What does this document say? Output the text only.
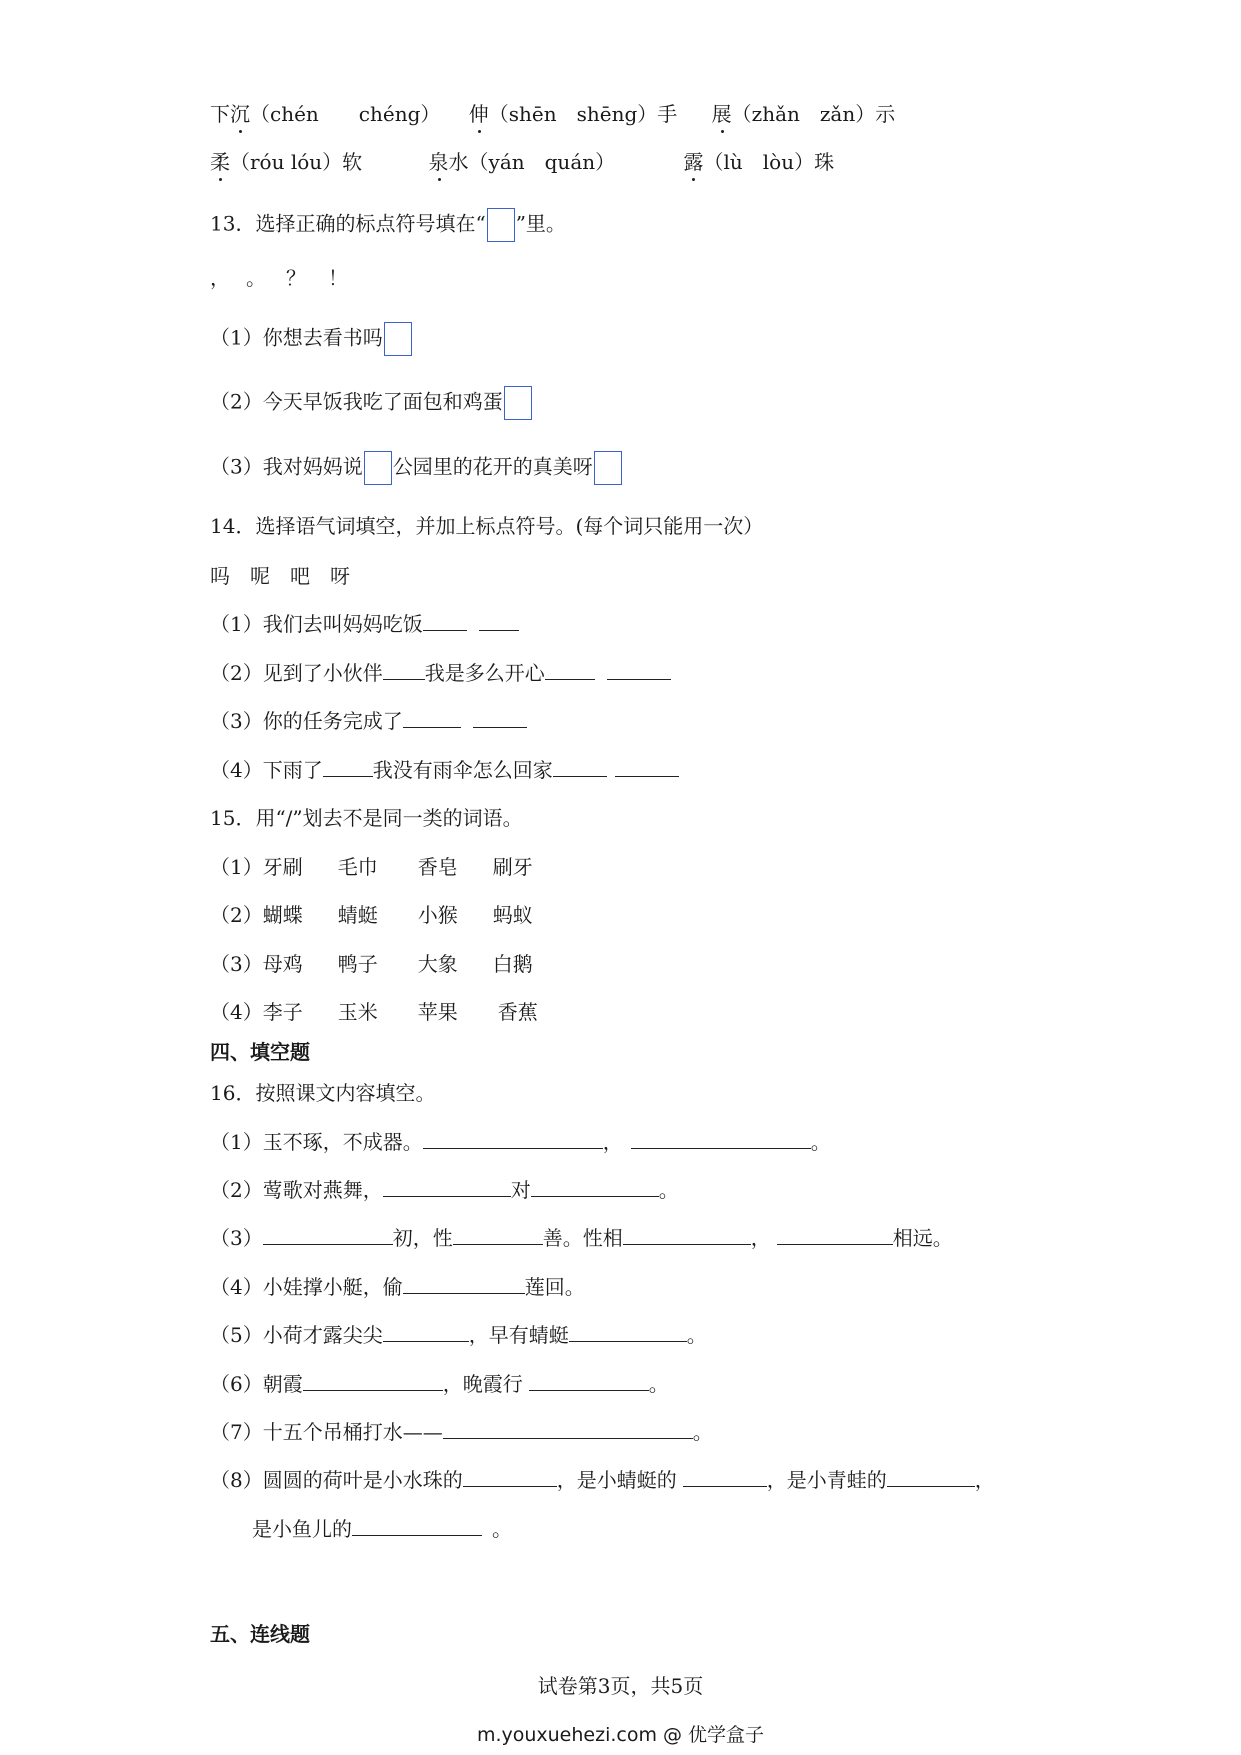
下沉（chén　　chéng） 伸（shēn　shēng）手 展（zhǎn　zǎn）示
柔（róu lóu）软	泉水（yán　quán）	露（lù　lòu）珠
13．选择正确的标点符号填在“ ”里。
， 。 ？ ！
（1）你想去看书吗
（2）今天早饭我吃了面包和鸡蛋
（3）我对妈妈说 公园里的花开的真美呀
14．选择语气词填空，并加上标点符号。(每个词只能用一次）
吗 呢 吧 呀
（1）我们去叫妈妈吃饭
（2）见到了小伙伴 我是多么开心
（3）你的任务完成了
（4）下雨了	我没有雨伞怎么回家
15．用“/”划去不是同一类的词语。
（1）牙刷 毛巾 香皂 刷牙
（2）蝴蝶 蜻蜓 小猴 蚂蚁
（3）母鸡 鸭子 大象 白鹅
（4）李子 玉米 苹果 香蕉
四、填空题
16．按照课文内容填空。
（1）玉不琢，不成器。	，	。
（2）莺歌对燕舞，	对	。
（3）	初，性	善。性相	，	相远。
（4）小娃撑小艇，偷	莲回。
（5）小荷才露尖尖	，早有蜻蜓	。
（6）朝霞	，晚霞行	。
（7）十五个吊桶打水——	。
（8）圆圆的荷叶是小水珠的	，是小蜻蜓的	，是小青蛙的	，
是小鱼儿的	。
五、连线题
试卷第3页，共5页
m.youxuehezi.com @ 优学盒子
